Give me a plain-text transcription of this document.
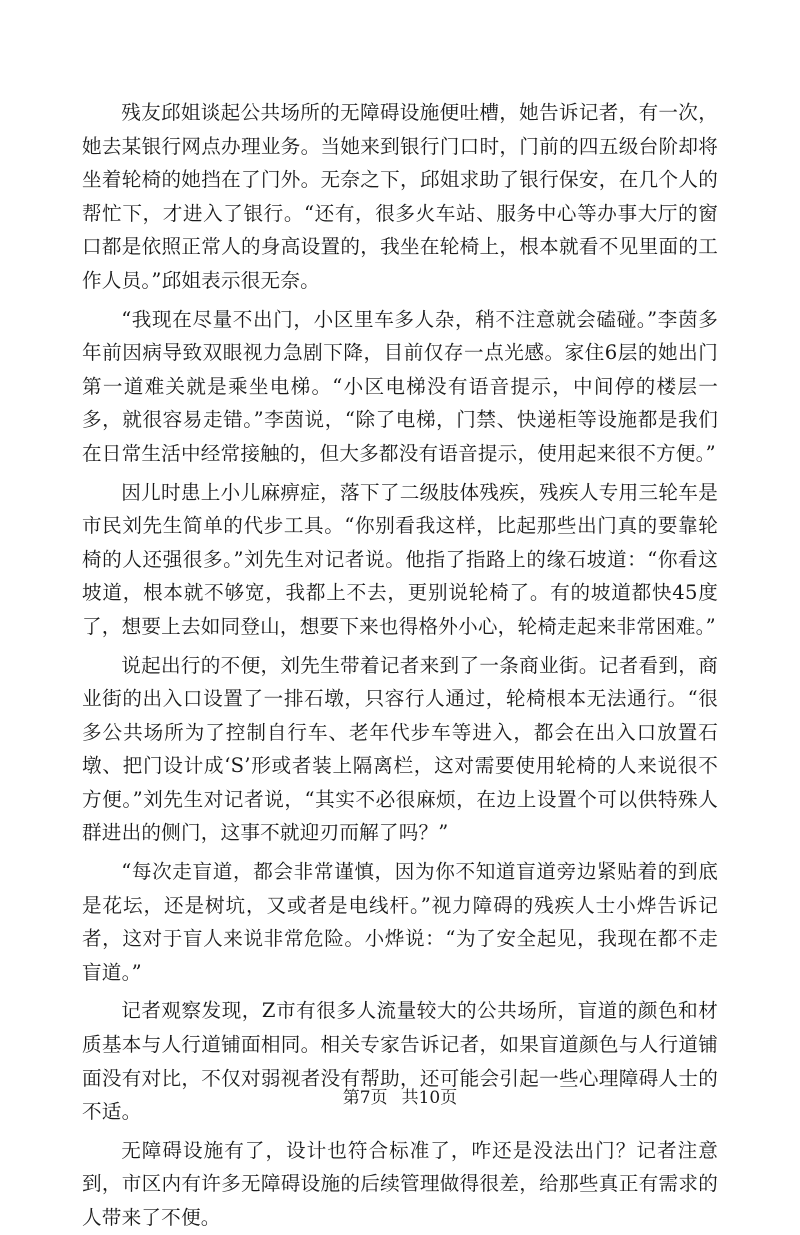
残友邱姐谈起公共场所的无障碍设施便吐槽，她告诉记者，有一次，她去某银行网点办理业务。当她来到银行门口时，门前的四五级台阶却将坐着轮椅的她挡在了门外。无奈之下，邱姐求助了银行保安，在几个人的帮忙下，才进入了银行。“还有，很多火车站、服务中心等办事大厅的窗口都是依照正常人的身高设置的，我坐在轮椅上，根本就看不见里面的工作人员。”邱姐表示很无奈。

“我现在尽量不出门，小区里车多人杂，稍不注意就会磕碰。”李茵多年前因病导致双眼视力急剧下降，目前仅存一点光感。家住6层的她出门第一道难关就是乘坐电梯。“小区电梯没有语音提示，中间停的楼层一多，就很容易走错。”李茵说，“除了电梯，门禁、快递柜等设施都是我们在日常生活中经常接触的，但大多都没有语音提示，使用起来很不方便。”

因儿时患上小儿麻痹症，落下了二级肢体残疾，残疾人专用三轮车是市民刘先生简单的代步工具。“你别看我这样，比起那些出门真的要靠轮椅的人还强很多。”刘先生对记者说。他指了指路上的缘石坡道：“你看这坡道，根本就不够宽，我都上不去，更别说轮椅了。有的坡道都快45度了，想要上去如同登山，想要下来也得格外小心，轮椅走起来非常困难。”

说起出行的不便，刘先生带着记者来到了一条商业街。记者看到，商业街的出入口设置了一排石墩，只容行人通过，轮椅根本无法通行。“很多公共场所为了控制自行车、老年代步车等进入，都会在出入口放置石墩、把门设计成‘S’形或者装上隔离栏，这对需要使用轮椅的人来说很不方便。”刘先生对记者说，“其实不必很麻烦，在边上设置个可以供特殊人群进出的侧门，这事不就迎刃而解了吗？”

“每次走盲道，都会非常谨慎，因为你不知道盲道旁边紧贴着的到底是花坛，还是树坑，又或者是电线杆。”视力障碍的残疾人士小烨告诉记者，这对于盲人来说非常危险。小烨说：“为了安全起见，我现在都不走盲道。”

记者观察发现，Z市有很多人流量较大的公共场所，盲道的颜色和材质基本与人行道铺面相同。相关专家告诉记者，如果盲道颜色与人行道铺面没有对比，不仅对弱视者没有帮助，还可能会引起一些心理障碍人士的不适。

无障碍设施有了，设计也符合标准了，咋还是没法出门？记者注意到，市区内有许多无障碍设施的后续管理做得很差，给那些真正有需求的人带来了不便。

第7页 共10页
